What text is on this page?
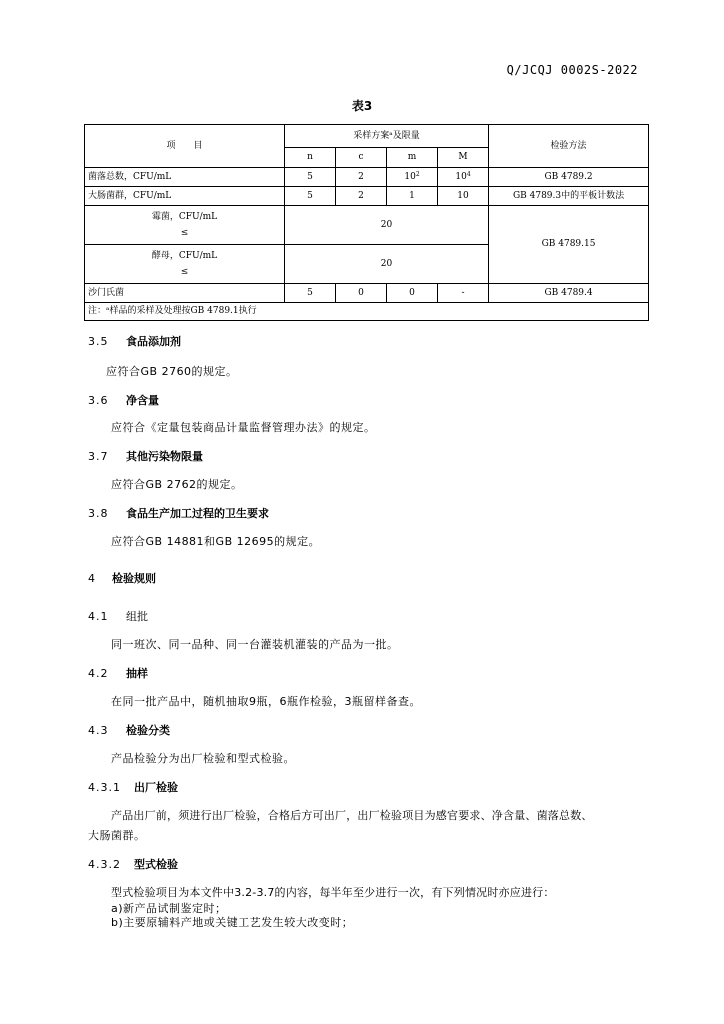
Q/JCQJ 0002S-2022
表3
项　　目	采样方案ᵃ及限量				检验方法
	n	c	m	M	
菌落总数，CFU/mL	5	2	$10^2$	$10^4$	GB 4789.2
大肠菌群，CFU/mL	5	2	1	10	GB 4789.3中的平板计数法

霉菌，CFU/mL
≤	20				GB 4789.15

酵母，CFU/mL
≤	20				
沙门氏菌	5	0	0	-	GB 4789.4
注：ᵃ样品的采样及处理按GB 4789.1执行					
3.5 食品添加剂
应符合GB 2760的规定。
3.6 净含量
应符合《定量包装商品计量监督管理办法》的规定。
3.7 其他污染物限量
应符合GB 2762的规定。
3.8 食品生产加工过程的卫生要求
应符合GB 14881和GB 12695的规定。
4 检验规则
4.1 组批
同一班次、同一品种、同一台灌装机灌装的产品为一批。
4.2 抽样
在同一批产品中，随机抽取9瓶，6瓶作检验，3瓶留样备查。
4.3 检验分类
产品检验分为出厂检验和型式检验。
4.3.1 出厂检验
产品出厂前，须进行出厂检验，合格后方可出厂，出厂检验项目为感官要求、净含量、菌落总数、
大肠菌群。
4.3.2 型式检验
型式检验项目为本文件中3.2-3.7的内容，每半年至少进行一次，有下列情况时亦应进行：
a)新产品试制鉴定时；
b)主要原辅料产地或关键工艺发生较大改变时；
